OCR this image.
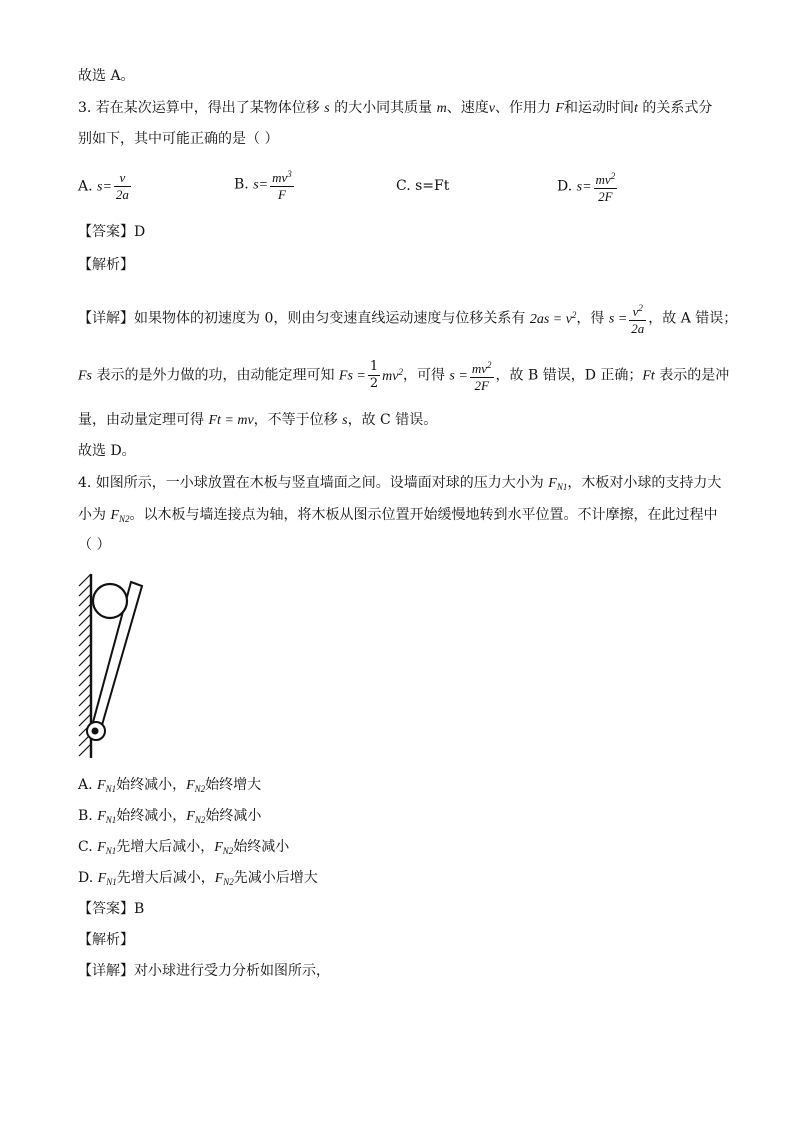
故选 A。
3. 若在某次运算中，得出了某物体位移 s 的大小同其质量 m、速度v、作用力 F和运动时间t 的关系式分
别如下，其中可能正确的是（ ）
A. $s= \frac{v}{2a}$	B. $s= \frac{mv^3}{F}$	C. s=Ft	D. $s= \frac{mv^2}{2F}$
【答案】D
【解析】
【详解】如果物体的初速度为 0，则由匀变速直线运动速度与位移关系有 $2as = v^2$，得 $s = \frac{v^2}{2a}$ ，故 A 错误；
Fs 表示的是外力做的功，由动能定理可知 $Fs = \frac{1}{2} mv^2$，可得 $s = \frac{mv^2}{2F}$ ，故 B 错误，D 正确；Ft 表示的是冲
量，由动量定理可得 Ft = mv，不等于位移 s，故 C 错误。
故选 D。
4. 如图所示，一小球放置在木板与竖直墙面之间。设墙面对球的压力大小为 $F_{N1}$，木板对小球的支持力大
小为 $F_{N2}$。以木板与墙连接点为轴，将木板从图示位置开始缓慢地转到水平位置。不计摩擦，在此过程中
（ ）
A. $F_{N1}$始终减小，$F_{N2}$始终增大
B. $F_{N1}$始终减小，$F_{N2}$始终减小
C. $F_{N1}$先增大后减小，$F_{N2}$始终减小
D. $F_{N1}$先增大后减小，$F_{N2}$先减小后增大
【答案】B
【解析】
【详解】对小球进行受力分析如图所示，
